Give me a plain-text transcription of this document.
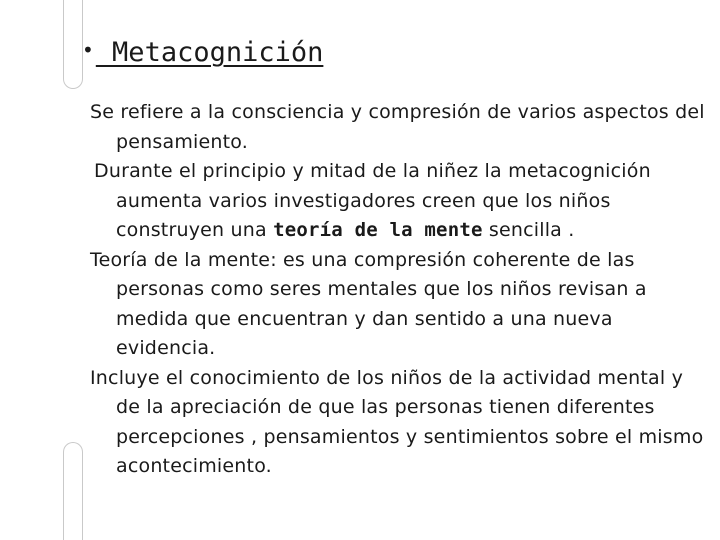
• Metacognición

Se refiere a la consciencia y compresión de varios aspectos del pensamiento.

Durante el principio y mitad de la niñez la metacognición aumenta varios investigadores creen que los niños construyen una teoría de la mente sencilla .

Teoría de la mente: es una compresión coherente de las personas como seres mentales que los niños revisan a medida que encuentran y dan sentido a una nueva evidencia.

Incluye el conocimiento de los niños de la actividad mental y de la apreciación de que las personas tienen diferentes percepciones , pensamientos y sentimientos sobre el mismo acontecimiento.
